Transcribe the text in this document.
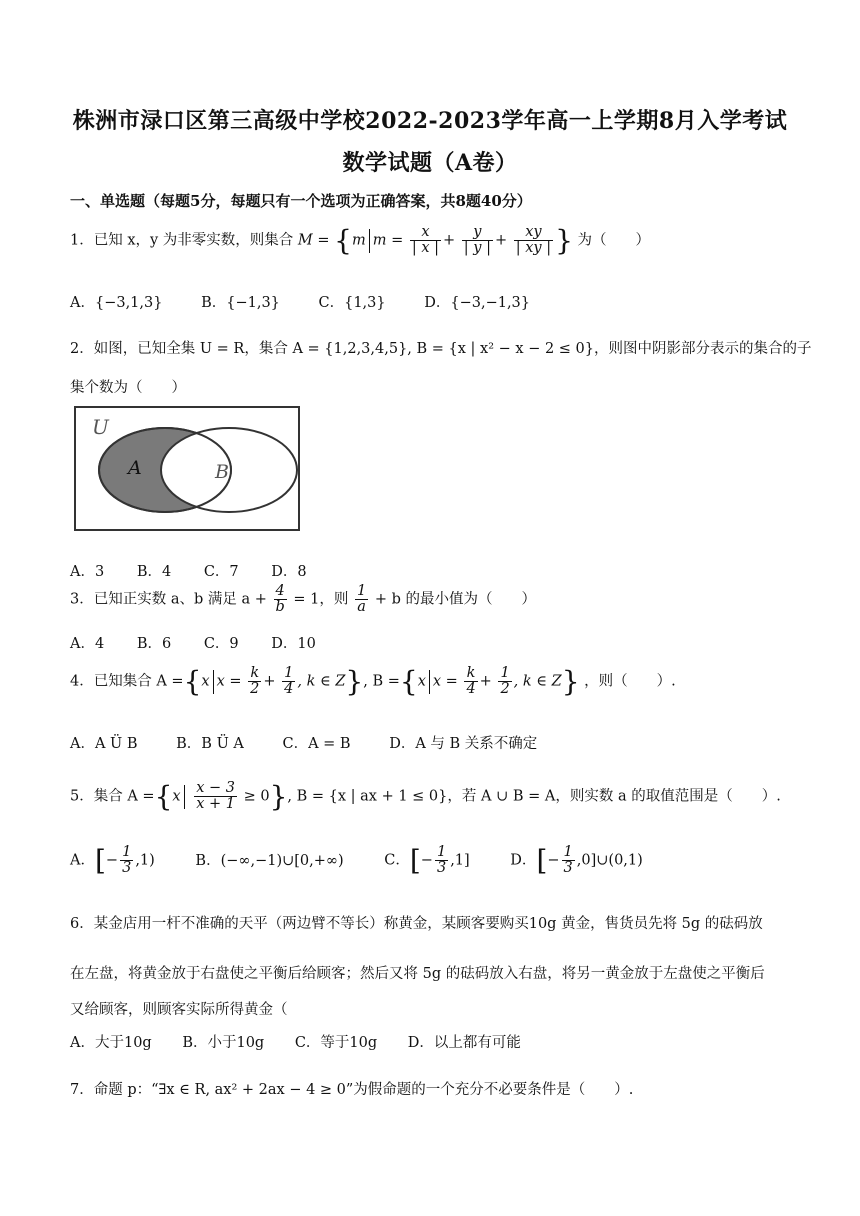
株洲市渌口区第三高级中学校2022-2023学年高一上学期8月入学考试
数学试题（A卷）
一、单选题（每题5分，每题只有一个选项为正确答案，共8题40分）
1．已知 x，y 为非零实数，则集合 M = {m $m = \frac{x}{| x |} + \frac{y}{| y |} + \frac{xy}{| xy |}$ } 为（　　）
A．{−3,1,3}	B．{−1,3}	C．{1,3}	D．{−3,−1,3}
2．如图，已知全集 U = R，集合 A = {1,2,3,4,5}, B = {x | x² − x − 2 ≤ 0}，则图中阴影部分表示的集合的子
集个数为（　　）
U
A	B
A．3 B．4 C．7 D．8
3．已知正实数 a、b 满足 $a + \frac{4}{b} = 1$，则 $\frac{1}{a} + b$ 的最小值为（　　）
A．4 B．6 C．9 D．10
4．已知集合 A ={x $x = \frac{k}{2} + \frac{1}{4}$ , k ∈ Z}, B ={x $x = \frac{k}{4} + \frac{1}{2}$ , k ∈ Z} ，则（　　）.
A．A Ü B	B．B Ü A	C．A = B	D．A 与 B 关系不确定
5．集合 $A =\{x \frac{x - 3}{x + 1} \ge 0\}$, B = {x | ax + 1 ≤ 0}，若 A ∪ B = A，则实数 a 的取值范围是（　　）.
A．[− $\frac{1}{3} ,1$)	B．(−∞,−1)∪[0,+∞)	C．[− $\frac{1}{3} ,1$]	D．[− $\frac{1}{3}$ ,0]∪(0,1)
6．某金店用一杆不准确的天平（两边臂不等长）称黄金，某顾客要购买10g 黄金，售货员先将 5g 的砝码放
在左盘，将黄金放于右盘使之平衡后给顾客；然后又将 5g 的砝码放入右盘，将另一黄金放于左盘使之平衡后
又给顾客，则顾客实际所得黄金（
A．大于10g B．小于10g C．等于10g D．以上都有可能
7．命题 p：“∃x ∈ R, ax² + 2ax − 4 ≥ 0”为假命题的一个充分不必要条件是（　　）.
